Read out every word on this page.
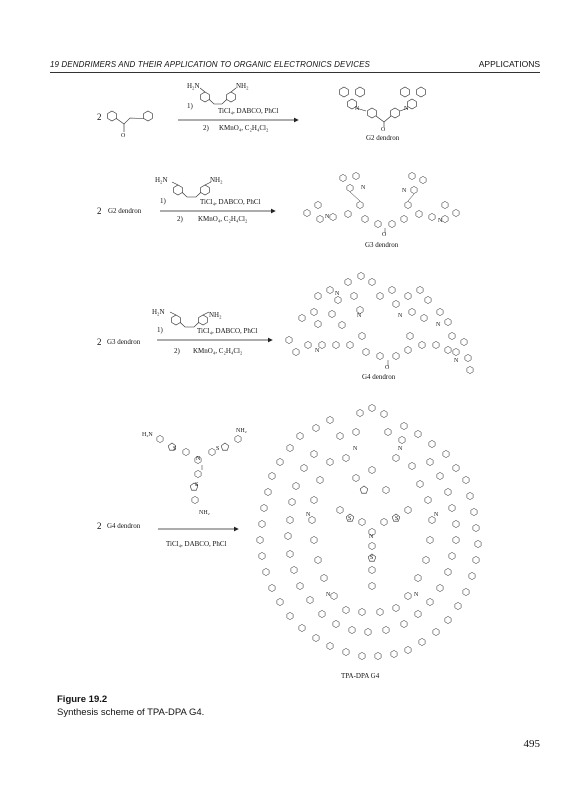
19 DENDRIMERS AND THEIR APPLICATION TO ORGANIC ELECTRONICS DEVICES	APPLICATIONS
2
O
H₂N	NH₂
1)
TiCl₄, DABCO, PhCl
2) KMnO₄, C₂H₄Cl₂	O
N	N
G2 dendron
2 G2 dendron
H₂N	NH₂
1)	TiCl₄, DABCO, PhCl
2) KMnO₄, C₂H₄Cl₂
O
N	N
N
N
G3 dendron
2 G3 dendron
H₂N	NH₂
1)	TiCl₄, DABCO, PhCl
2) KMnO₄, C₂H₄Cl₂
O
N
N	N
N
N
N
G4 dendron
H₂N
NH₂
NH₂
S	S
S
N
2 G4 dendron
TiCl₄, DABCO, PhCl
N	N
N	N
N
N	N
S	S
S
TPA-DPA G4
Figure 19.2
Synthesis scheme of TPA-DPA G4.
495
